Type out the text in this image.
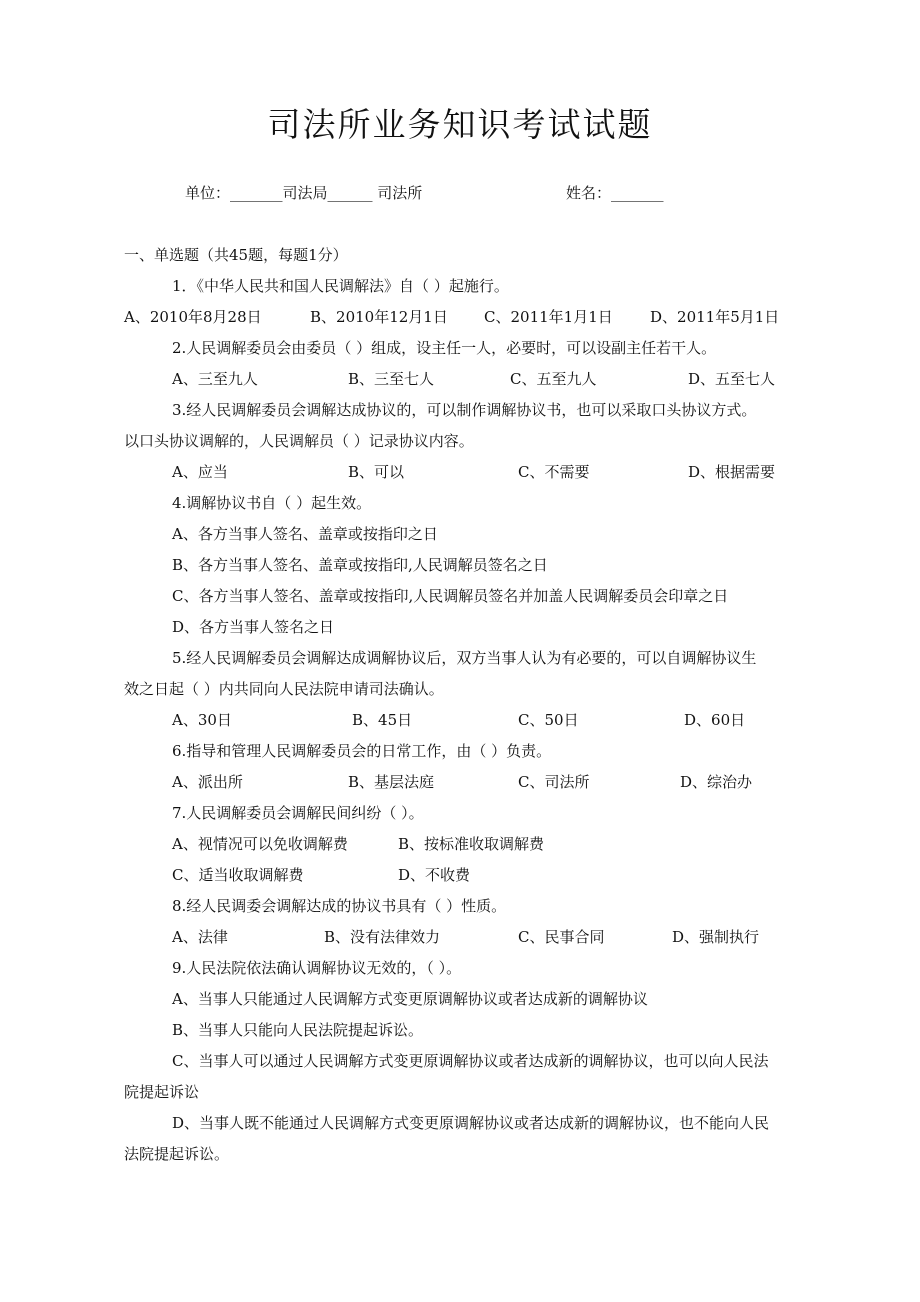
司法所业务知识考试试题
单位：_______司法局______ 司法所	姓名：_______
一、单选题（共45题，每题1分）
1．《中华人民共和国人民调解法》自（ ）起施行。
A、2010年8月28日	B、2010年12月1日 C、2011年1月1日 D、2011年5月1日
2.人民调解委员会由委员（ ）组成，设主任一人，必要时，可以设副主任若干人。
A、三至九人	B、三至七人	C、五至九人	D、五至七人
3.经人民调解委员会调解达成协议的，可以制作调解协议书，也可以采取口头协议方式。
以口头协议调解的，人民调解员（ ）记录协议内容。
A、应当	B、可以	C、不需要	D、根据需要
4.调解协议书自（ ）起生效。
A、各方当事人签名、盖章或按指印之日
B、各方当事人签名、盖章或按指印,人民调解员签名之日
C、各方当事人签名、盖章或按指印,人民调解员签名并加盖人民调解委员会印章之日
D、各方当事人签名之日
5.经人民调解委员会调解达成调解协议后，双方当事人认为有必要的，可以自调解协议生
效之日起（ ）内共同向人民法院申请司法确认。
A、30日	B、45日	C、50日	D、60日
6.指导和管理人民调解委员会的日常工作，由（ ）负责。
A、派出所	B、基层法庭	C、司法所	D、综治办
7.人民调解委员会调解民间纠纷（ ）。
A、视情况可以免收调解费	B、按标准收取调解费
C、适当收取调解费	D、不收费
8.经人民调委会调解达成的协议书具有（ ）性质。
A、法律	B、没有法律效力	C、民事合同	D、强制执行
9.人民法院依法确认调解协议无效的，（ ）。
A、当事人只能通过人民调解方式变更原调解协议或者达成新的调解协议
B、当事人只能向人民法院提起诉讼。
C、当事人可以通过人民调解方式变更原调解协议或者达成新的调解协议，也可以向人民法
院提起诉讼
D、当事人既不能通过人民调解方式变更原调解协议或者达成新的调解协议，也不能向人民
法院提起诉讼。
